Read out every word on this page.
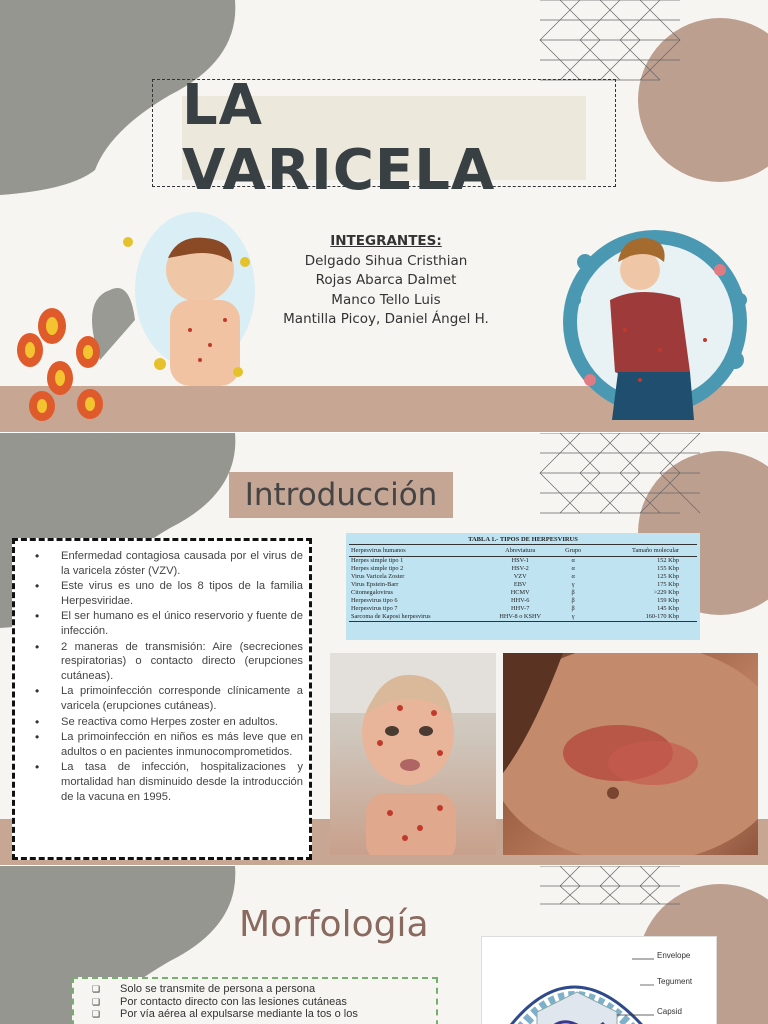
LA VARICELA
INTEGRANTES:
Delgado Sihua Cristhian
Rojas Abarca Dalmet
Manco Tello Luis
Mantilla Picoy, Daniel Ángel H.
Introducción
• Enfermedad contagiosa causada por el virus de la varicela zóster (VZV).
• Este virus es uno de los 8 tipos de la familia Herpesviridae.
• El ser humano es el único reservorio y fuente de infección.
• 2 maneras de transmisión: Aire (secreciones respiratorias) o contacto directo (erupciones cutáneas).
• La primoinfección corresponde clínicamente a varicela (erupciones cutáneas).
• Se reactiva como Herpes zoster en adultos.
• La primoinfección en niños es más leve que en adultos o en pacientes inmunocomprometidos.
• La tasa de infección, hospitalizaciones y mortalidad han disminuido desde la introducción de la vacuna en 1995.
TABLA 1.- TIPOS DE HERPESVIRUS
Herpesvirus humanos	Abreviatura	Grupo	Tamaño molecular
Herpes simple tipo 1	HSV-1	α	152 Kbp
Herpes simple tipo 2	HSV-2	α	155 Kbp
Virus Varicela Zoster	VZV	α	125 Kbp
Virus Epstein-Barr	EBV	γ	175 Kbp
Citomegalovirus	HCMV	β	>229 Kbp
Herpesvirus tipo 6	HHV-6	β	159 Kbp
Herpesvirus tipo 7	HHV-7	β	145 Kbp
Sarcoma de Kaposi herpesvirus	HHV-8 o KSHV	γ	160-170 Kbp
Morfología
❏ Solo se transmite de persona a persona
❏ Por contacto directo con las lesiones cutáneas
❏ Por vía aérea al expulsarse mediante la tos o los
Envelope
Tegument
Capsid
